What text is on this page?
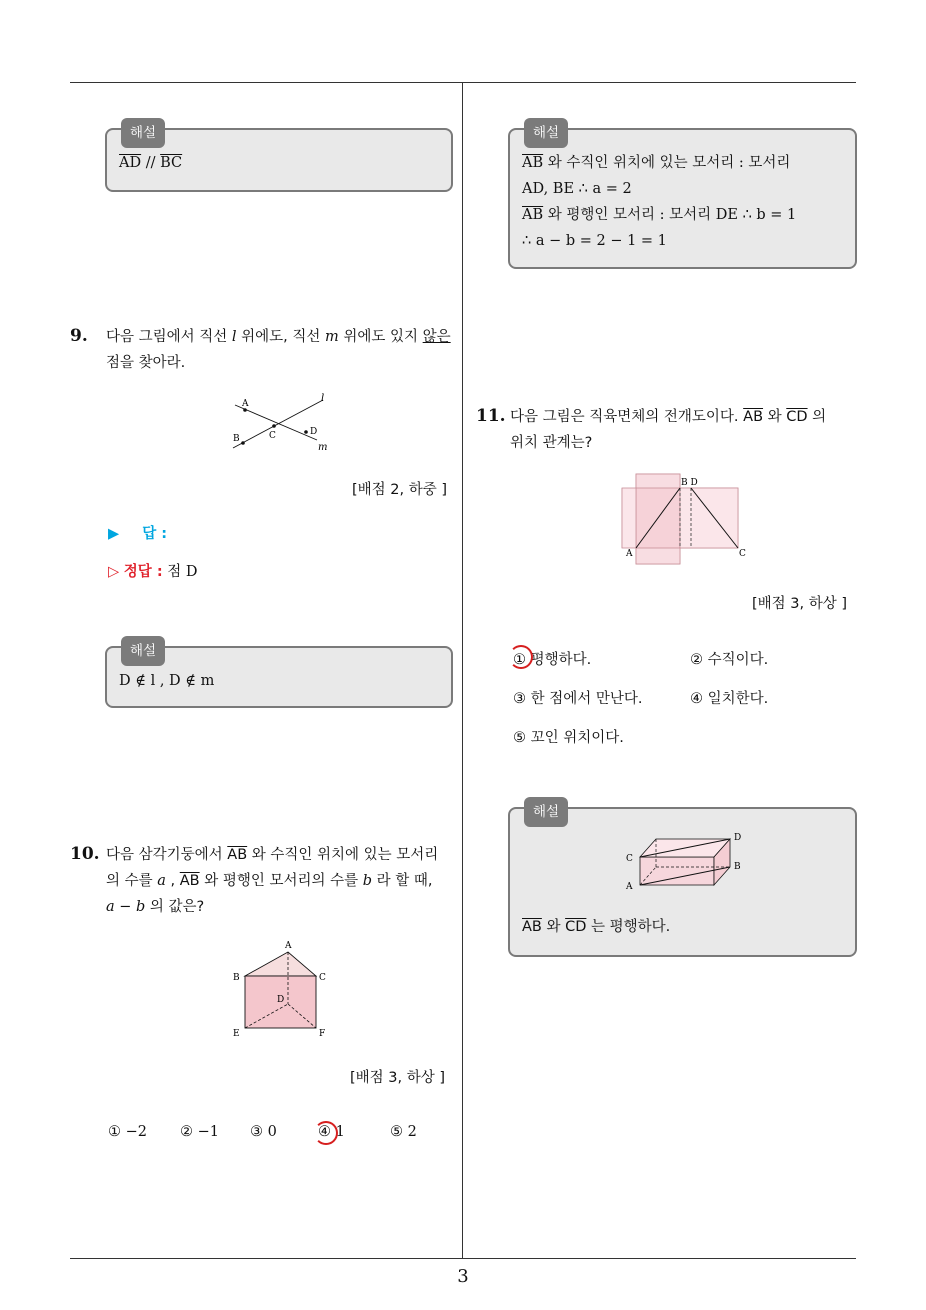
해설
$\overline{AD} // \overline{BC}$
9. 다음 그림에서 직선 l 위에도, 직선 m 위에도 있지 않은
점을 찾아라.
A
B	C	D
l
m
[배점 2, 하중 ]
▶ 답 :
▷ 정답 : 점 D
해설
D ∉ l , D ∉ m
10. 다음 삼각기둥에서 $\overline{AB}$ 와 수직인 위치에 있는 모서리
의 수를 a , $\overline{AB}$ 와 평행인 모서리의 수를 b 라 할 때,
a − b 의 값은?
A
B	C
D
E	F
[배점 3, 하상 ]
① −2 ② −1 ③ 0	④ 1	⑤ 2
해설
$\overline{AB}$ 와 수직인 위치에 있는 모서리 : 모서리
AD, BE ∴ a = 2
$\overline{AB}$ 와 평행인 모서리 : 모서리 DE ∴ b = 1
∴ a − b = 2 − 1 = 1
11. 다음 그림은 직육면체의 전개도이다. $\overline{AB}$ 와 $\overline{CD}$ 의
위치 관계는?
B D
A	C
[배점 3, 하상 ]
① 평행하다.	② 수직이다.
③ 한 점에서 만난다.	④ 일치한다.
⑤ 꼬인 위치이다.
해설
A
C
D
B
$\overline{AB}$ 와 $\overline{CD}$ 는 평행하다.
3
